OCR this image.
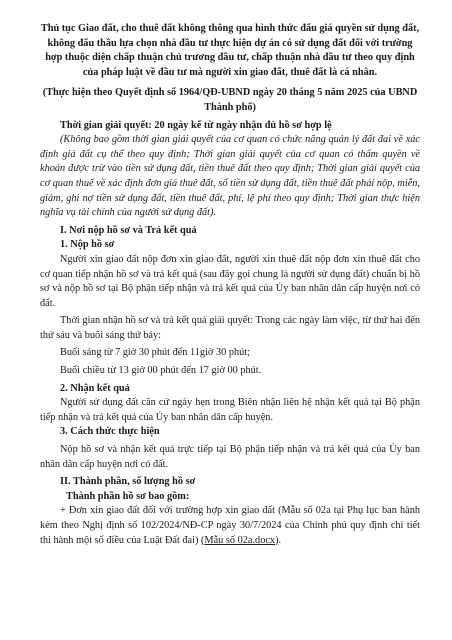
Thủ tục Giao đất, cho thuê đất không thông qua hình thức đấu giá quyền sử dụng đất, không đấu thầu lựa chọn nhà đầu tư thực hiện dự án có sử dụng đất đối với trường hợp thuộc diện chấp thuận chủ trương đầu tư, chấp thuận nhà đầu tư theo quy định của pháp luật về đầu tư mà người xin giao đất, thuê đất là cá nhân.

(Thực hiện theo Quyết định số 1964/QĐ-UBND ngày 20 tháng 5 năm 2025 của UBND Thành phố)

Thời gian giải quyết: 20 ngày kể từ ngày nhận đủ hồ sơ hợp lệ

(Không bao gồm thời gian giải quyết của cơ quan có chức năng quản lý đất đai về xác định giá đất cụ thể theo quy định; Thời gian giải quyết của cơ quan có thẩm quyền về khoản được trừ vào tiền sử dụng đất, tiền thuê đất theo quy định; Thời gian giải quyết của cơ quan thuế về xác định đơn giá thuê đất, số tiền sử dụng đất, tiền thuê đất phải nộp, miễn, giảm, ghi nợ tiền sử dụng đất, tiền thuê đất, phí, lệ phí theo quy định; Thời gian thực hiện nghĩa vụ tài chính của người sử dụng đất).

I. Nơi nộp hồ sơ và Trả kết quả

1. Nộp hồ sơ

Người xin giao đất nộp đơn xin giao đất, người xin thuê đất nộp đơn xin thuê đất cho cơ quan tiếp nhận hồ sơ và trả kết quả (sau đây gọi chung là người sử dụng đất) chuẩn bị hồ sơ và nộp hồ sơ tại Bộ phận tiếp nhận và trả kết quả của Ủy ban nhân dân cấp huyện nơi có đất.

Thời gian nhận hồ sơ và trả kết quả giải quyết: Trong các ngày làm việc, từ thứ hai đến thứ sáu và buổi sáng thứ bảy:

Buổi sáng từ 7 giờ 30 phút đến 11giờ 30 phút;

Buổi chiều từ 13 giờ 00 phút đến 17 giờ 00 phút.

2. Nhận kết quả

Người sử dụng đất căn cứ ngày hẹn trong Biên nhận liên hệ nhận kết quả tại Bộ phận tiếp nhận và trả kết quả của Ủy ban nhân dân cấp huyện.

3. Cách thức thực hiện

Nộp hồ sơ và nhận kết quả trực tiếp tại Bộ phận tiếp nhận và trả kết quả của Ủy ban nhân dân cấp huyện nơi có đất.

II. Thành phần, số lượng hồ sơ

Thành phần hồ sơ bao gồm:

+ Đơn xin giao đất đối với trường hợp xin giao đất (Mẫu số 02a tại Phụ lục ban hành kèm theo Nghị định số 102/2024/NĐ-CP ngày 30/7/2024 của Chính phủ quy định chi tiết thi hành một số điều của Luật Đất đai) (Mẫu số 02a.docx).
